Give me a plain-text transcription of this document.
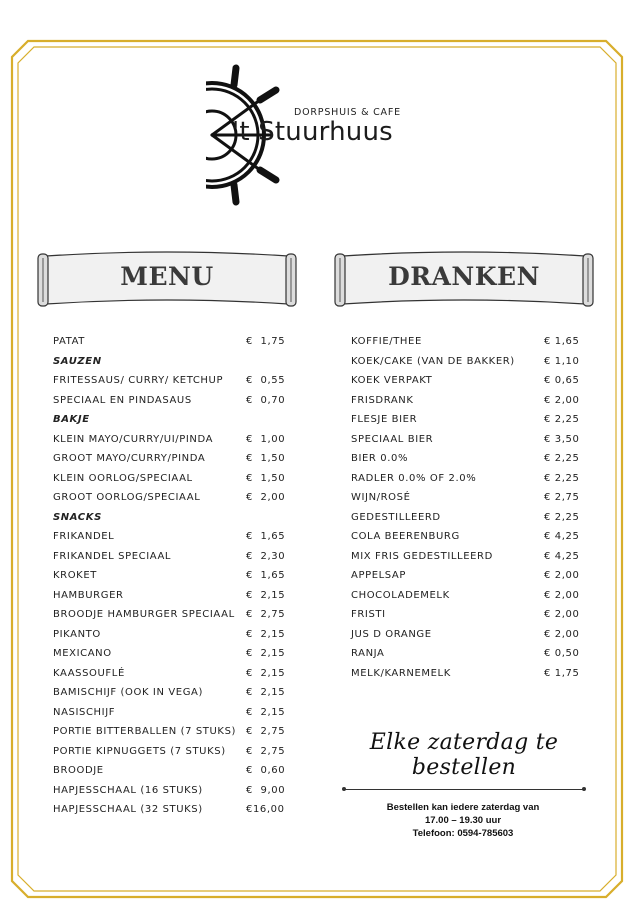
DORPSHUIS & CAFE
't Stuurhuus
MENU	DRANKEN
PATAT	€  1,75
SAUZEN
FRITESSAUS/ CURRY/ KETCHUP €  0,55
SPECIAAL EN PINDASAUS	€  0,70
BAKJE
KLEIN MAYO/CURRY/UI/PINDA	€  1,00
GROOT MAYO/CURRY/PINDA	€  1,50
KLEIN OORLOG/SPECIAAL	€  1,50
GROOT OORLOG/SPECIAAL	€  2,00
SNACKS
FRIKANDEL	€  1,65
FRIKANDEL SPECIAAL	€  2,30
KROKET	€  1,65
HAMBURGER	€  2,15
BROODJE HAMBURGER SPECIAAL €  2,75
PIKANTO	€  2,15
MEXICANO	€  2,15
KAASSOUFLÉ	€  2,15
BAMISCHIJF (OOK IN VEGA)	€  2,15
NASISCHIJF	€  2,15
PORTIE BITTERBALLEN (7 STUKS) €  2,75
PORTIE KIPNUGGETS (7 STUKS) €  2,75
BROODJE	€  0,60
HAPJESSCHAAL (16 STUKS)	€  9,00
HAPJESSCHAAL (32 STUKS)	€16,00
KOFFIE/THEE	€ 1,65
KOEK/CAKE (VAN DE BAKKER)	€ 1,10
KOEK VERPAKT	€ 0,65
FRISDRANK	€ 2,00
FLESJE BIER	€ 2,25
SPECIAAL BIER	€ 3,50
BIER 0.0%	€ 2,25
RADLER 0.0% OF 2.0%	€ 2,25
WIJN/ROSÉ	€ 2,75
GEDESTILLEERD	€ 2,25
COLA BEERENBURG	€ 4,25
MIX FRIS GEDESTILLEERD	€ 4,25
APPELSAP	€ 2,00
CHOCOLADEMELK	€ 2,00
FRISTI	€ 2,00
JUS D ORANGE	€ 2,00
RANJA	€ 0,50
MELK/KARNEMELK	€ 1,75
Elke zaterdag te bestellen
Bestellen kan iedere zaterdag van
17.00 – 19.30 uur
Telefoon: 0594-785603
